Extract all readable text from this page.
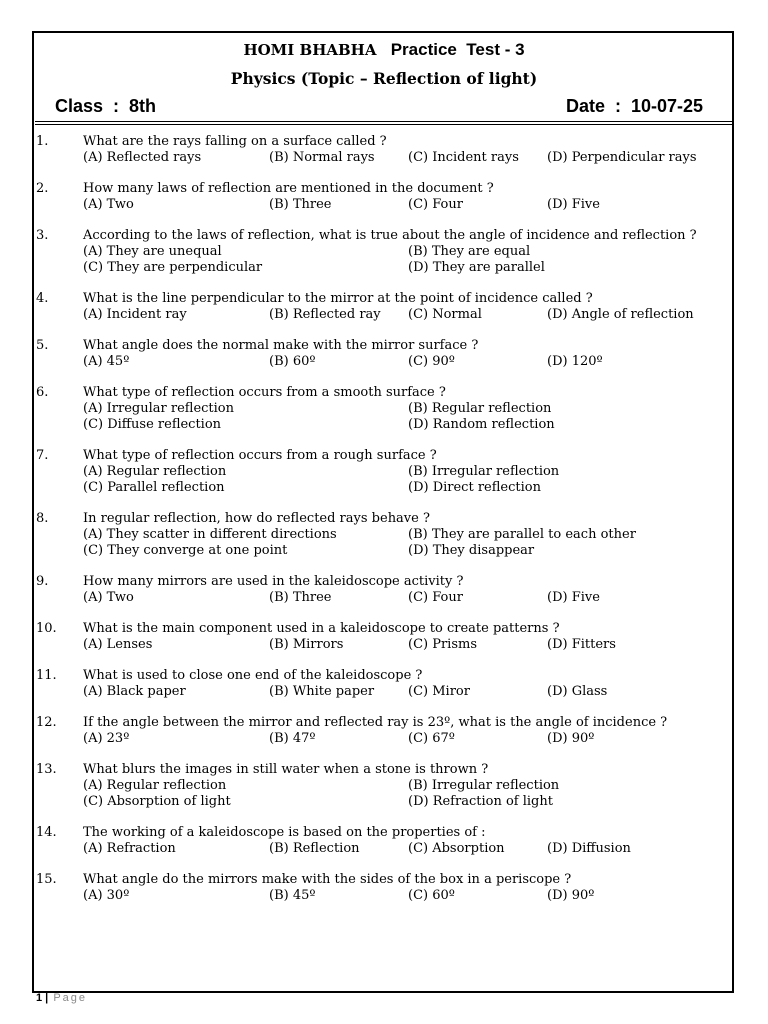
HOMI BHABHA Practice  Test - 3
Physics (Topic – Reflection of light)
Class  :  8th	Date  :  10-07-25
1.	What are the rays falling on a surface called ?
(A) Reflected rays	(B) Normal rays	(C) Incident rays (D) Perpendicular rays
2.	How many laws of reflection are mentioned in the document ?
(A) Two	(B) Three	(C) Four	(D) Five
3.	According to the laws of reflection, what is true about the angle of incidence and reflection ?
(A) They are unequal	(B) They are equal
(C) They are perpendicular	(D) They are parallel
4.	What is the line perpendicular to the mirror at the point of incidence called ?
(A) Incident ray	(B) Reflected ray (C) Normal	(D) Angle of reflection
5.	What angle does the normal make with the mirror surface ?
(A) 45º	(B) 60º	(C) 90º	(D) 120º
6.	What type of reflection occurs from a smooth surface ?
(A) Irregular reflection	(B) Regular reflection
(C) Diffuse reflection	(D) Random reflection
7.	What type of reflection occurs from a rough surface ?
(A) Regular reflection	(B) Irregular reflection
(C) Parallel reflection	(D) Direct reflection
8.	In regular reflection, how do reflected rays behave ?
(A) They scatter in different directions	(B) They are parallel to each other
(C) They converge at one point	(D) They disappear
9.	How many mirrors are used in the kaleidoscope activity ?
(A) Two	(B) Three	(C) Four	(D) Five
10. What is the main component used in a kaleidoscope to create patterns ?
(A) Lenses	(B) Mirrors	(C) Prisms	(D) Fitters
11. What is used to close one end of the kaleidoscope ?
(A) Black paper	(B) White paper	(C) Miror	(D) Glass
12. If the angle between the mirror and reflected ray is 23º, what is the angle of incidence ?
(A) 23º	(B) 47º	(C) 67º	(D) 90º
13. What blurs the images in still water when a stone is thrown ?
(A) Regular reflection	(B) Irregular reflection
(C) Absorption of light	(D) Refraction of light
14. The working of a kaleidoscope is based on the properties of :
(A) Refraction	(B) Reflection	(C) Absorption	(D) Diffusion
15. What angle do the mirrors make with the sides of the box in a periscope ?
(A) 30º	(B) 45º	(C) 60º	(D) 90º
1 | Page
